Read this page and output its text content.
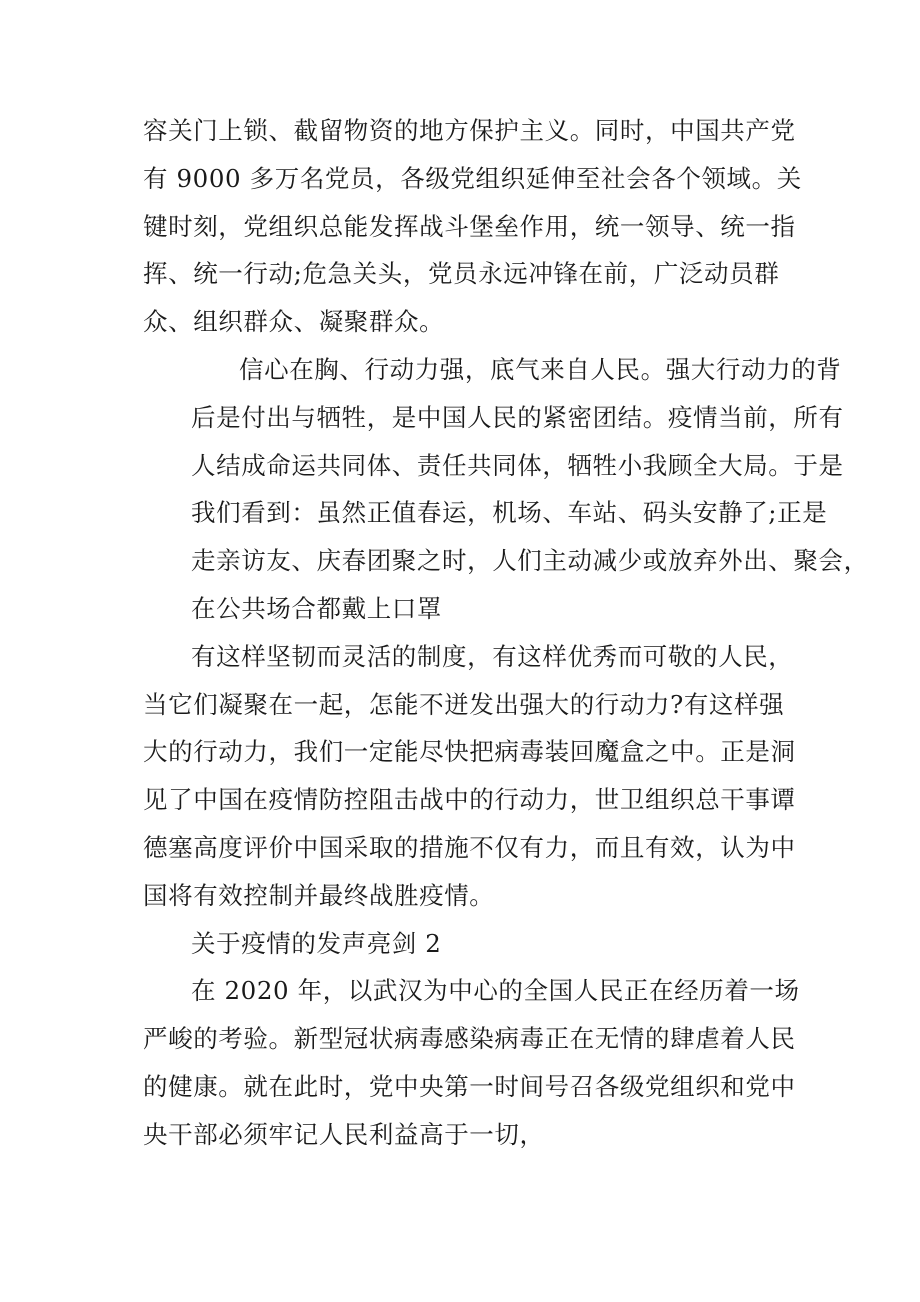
容关门上锁、截留物资的地方保护主义。同时，中国共产党
有 9000 多万名党员，各级党组织延伸至社会各个领域。关
键时刻，党组织总能发挥战斗堡垒作用，统一领导、统一指
挥、统一行动;危急关头，党员永远冲锋在前，广泛动员群
众、组织群众、凝聚群众。

信心在胸、行动力强，底气来自人民。强大行动力的背
后是付出与牺牲，是中国人民的紧密团结。疫情当前，所有
人结成命运共同体、责任共同体，牺牲小我顾全大局。于是
我们看到：虽然正值春运，机场、车站、码头安静了;正是
走亲访友、庆春团聚之时，人们主动减少或放弃外出、聚会，
在公共场合都戴上口罩

有这样坚韧而灵活的制度，有这样优秀而可敬的人民，
当它们凝聚在一起，怎能不迸发出强大的行动力?有这样强
大的行动力，我们一定能尽快把病毒装回魔盒之中。正是洞
见了中国在疫情防控阻击战中的行动力，世卫组织总干事谭
德塞高度评价中国采取的措施不仅有力，而且有效，认为中
国将有效控制并最终战胜疫情。

关于疫情的发声亮剑 2

在 2020 年，以武汉为中心的全国人民正在经历着一场
严峻的考验。新型冠状病毒感染病毒正在无情的肆虐着人民
的健康。就在此时，党中央第一时间号召各级党组织和党中
央干部必须牢记人民利益高于一切，
